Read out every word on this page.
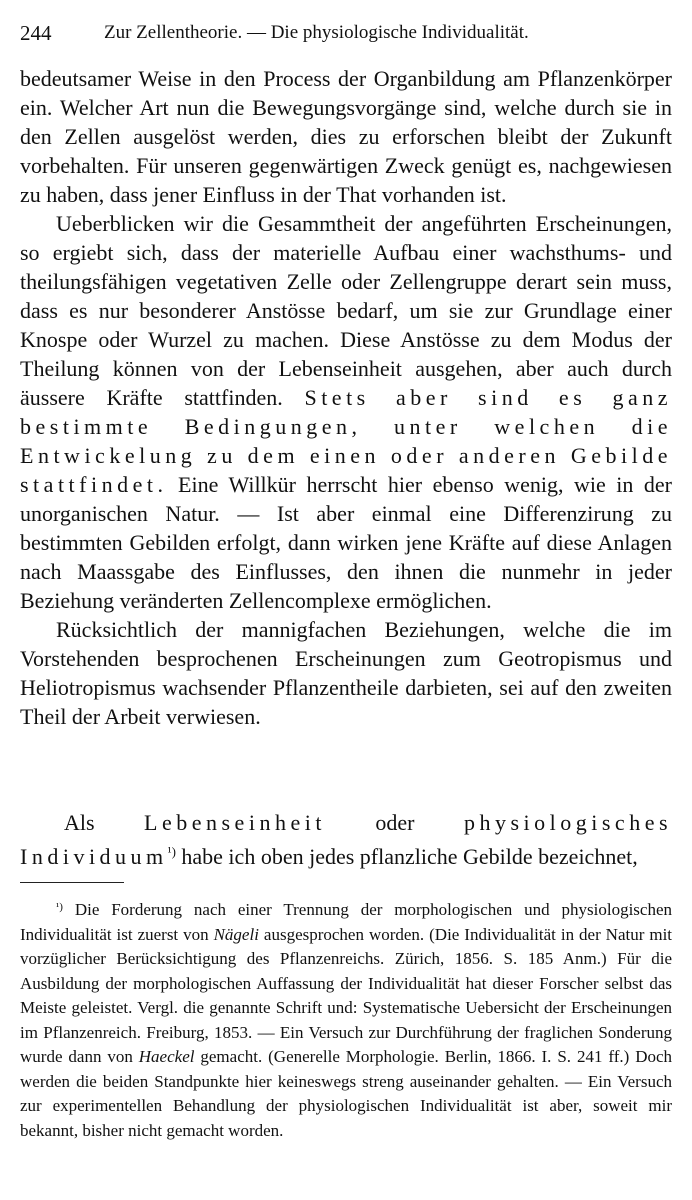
244	Zur Zellentheorie. — Die physiologische Individualität.

bedeutsamer Weise in den Process der Organbildung am Pflanzenkörper ein. Welcher Art nun die Bewegungsvorgänge sind, welche durch sie in den Zellen ausgelöst werden, dies zu erforschen bleibt der Zukunft vorbehalten. Für unseren gegenwärtigen Zweck genügt es, nachgewiesen zu haben, dass jener Einfluss in der That vorhanden ist.

Ueberblicken wir die Gesammtheit der angeführten Erscheinungen, so ergiebt sich, dass der materielle Aufbau einer wachsthums- und theilungsfähigen vegetativen Zelle oder Zellengruppe derart sein muss, dass es nur besonderer Anstösse bedarf, um sie zur Grundlage einer Knospe oder Wurzel zu machen. Diese Anstösse zu dem Modus der Theilung können von der Lebenseinheit ausgehen, aber auch durch äussere Kräfte stattfinden. Stets aber sind es ganz bestimmte Bedingungen, unter welchen die Entwickelung zu dem einen oder anderen Gebilde stattfindet. Eine Willkür herrscht hier ebenso wenig, wie in der unorganischen Natur. — Ist aber einmal eine Differenzirung zu bestimmten Gebilden erfolgt, dann wirken jene Kräfte auf diese Anlagen nach Maassgabe des Einflusses, den ihnen die nunmehr in jeder Beziehung veränderten Zellencomplexe ermöglichen.

Rücksichtlich der mannigfachen Beziehungen, welche die im Vorstehenden besprochenen Erscheinungen zum Geotropismus und Heliotropismus wachsender Pflanzentheile darbieten, sei auf den zweiten Theil der Arbeit verwiesen.

Als Lebenseinheit oder physiologisches Individuum$^{^1)}$ habe ich oben jedes pflanzliche Gebilde bezeichnet,

$^{^1)}$ Die Forderung nach einer Trennung der morphologischen und physiologischen Individualität ist zuerst von Nägeli ausgesprochen worden. (Die Individualität in der Natur mit vorzüglicher Berücksichtigung des Pflanzenreichs. Zürich, 1856. S. 185 Anm.) Für die Ausbildung der morphologischen Auffassung der Individualität hat dieser Forscher selbst das Meiste geleistet. Vergl. die genannte Schrift und: Systematische Uebersicht der Erscheinungen im Pflanzenreich. Freiburg, 1853. — Ein Versuch zur Durchführung der fraglichen Sonderung wurde dann von Haeckel gemacht. (Generelle Morphologie. Berlin, 1866. I. S. 241 ff.) Doch werden die beiden Standpunkte hier keineswegs streng auseinander gehalten. — Ein Versuch zur experimentellen Behandlung der physiologischen Individualität ist aber, soweit mir bekannt, bisher nicht gemacht worden.
